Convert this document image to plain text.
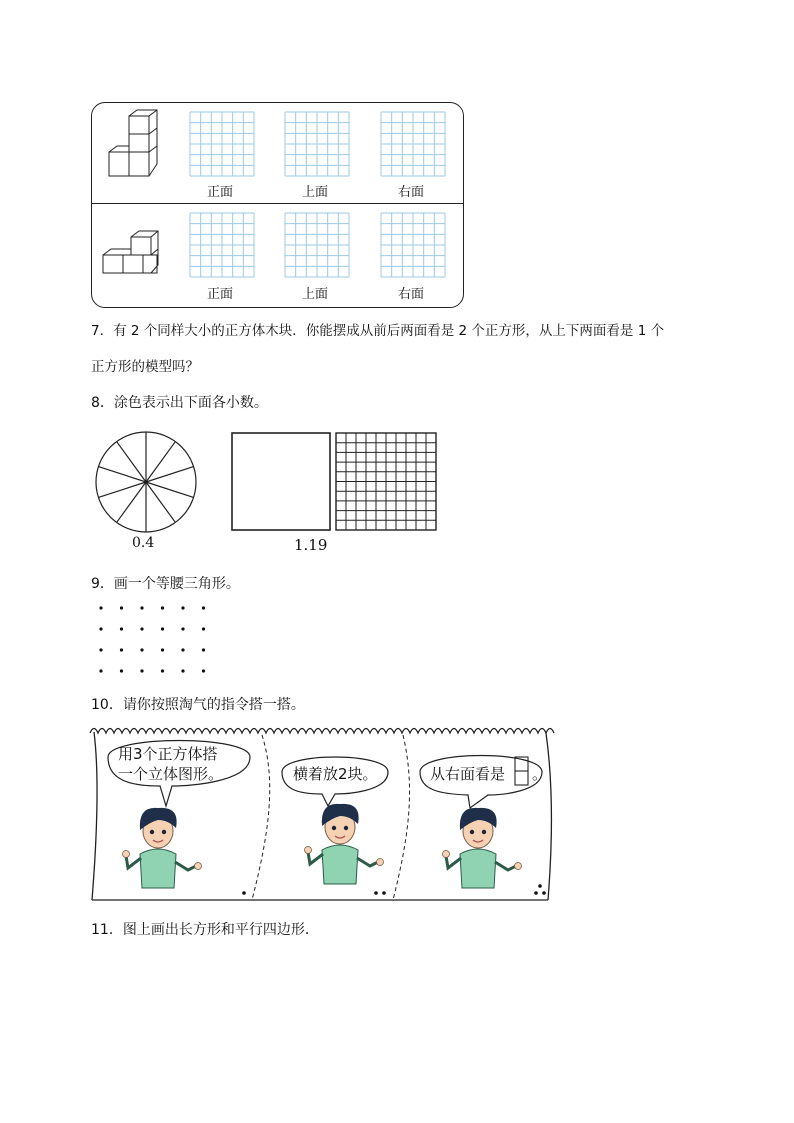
正面	上面	右面
正面	上面	右面
7．有 2 个同样大小的正方体木块．你能摆成从前后两面看是 2 个正方形，从上下两面看是 1 个
正方形的模型吗？
8．涂色表示出下面各小数。
0.4	1.19
9．画一个等腰三角形。
10．请你按照淘气的指令搭一搭。
用3个正方体搭
一个立体图形。	横着放2块。	从右面看是 。
11．图上画出长方形和平行四边形．
